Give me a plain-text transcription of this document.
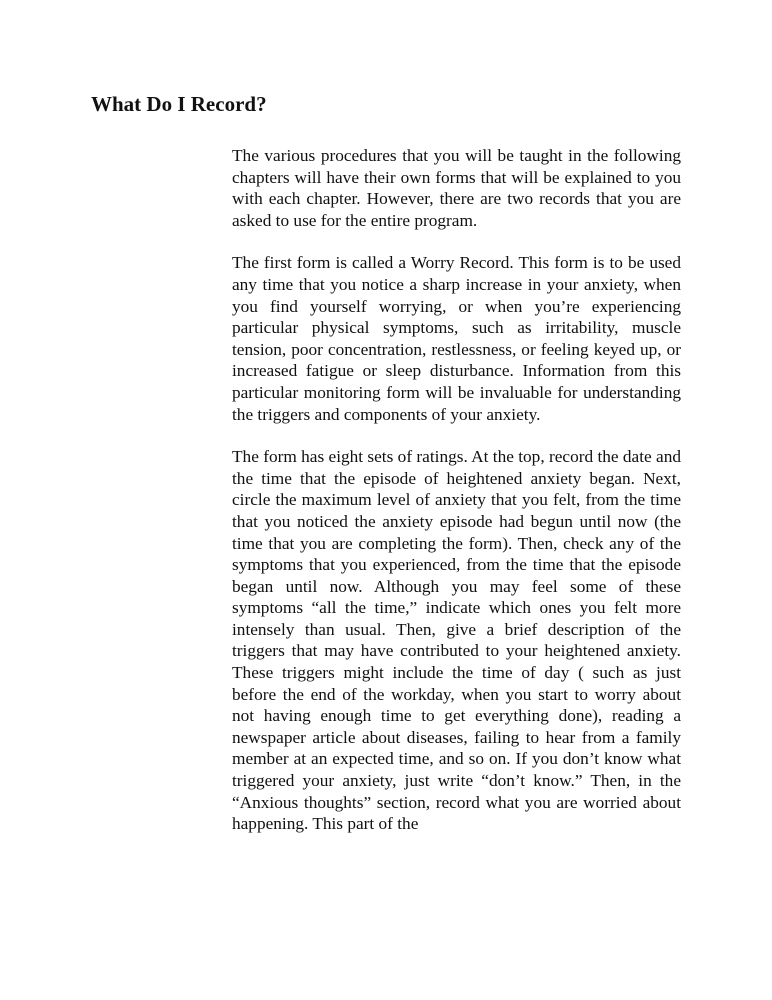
What Do I Record?

The various procedures that you will be taught in the following chapters will have their own forms that will be explained to you with each chapter. However, there are two records that you are asked to use for the entire program.

The first form is called a Worry Record. This form is to be used any time that you notice a sharp increase in your anxiety, when you find yourself worrying, or when you’re experiencing particular physical symptoms, such as irritability, muscle tension, poor concentration, restlessness, or feeling keyed up, or increased fatigue or sleep disturbance. Information from this particular monitoring form will be invaluable for understanding the triggers and components of your anxiety.

The form has eight sets of ratings. At the top, record the date and the time that the episode of heightened anxiety began. Next, circle the maximum level of anxiety that you felt, from the time that you noticed the anxiety episode had begun until now (the time that you are completing the form). Then, check any of the symptoms that you experienced, from the time that the episode began until now. Although you may feel some of these symptoms “all the time,” indicate which ones you felt more intensely than usual. Then, give a brief description of the triggers that may have contributed to your heightened anxiety. These triggers might include the time of day ( such as just before the end of the workday, when you start to worry about not having enough time to get everything done), reading a newspaper article about diseases, failing to hear from a family member at an expected time, and so on. If you don’t know what triggered your anxiety, just write “don’t know.” Then, in the “Anxious thoughts” section, record what you are worried about happening. This part of the
